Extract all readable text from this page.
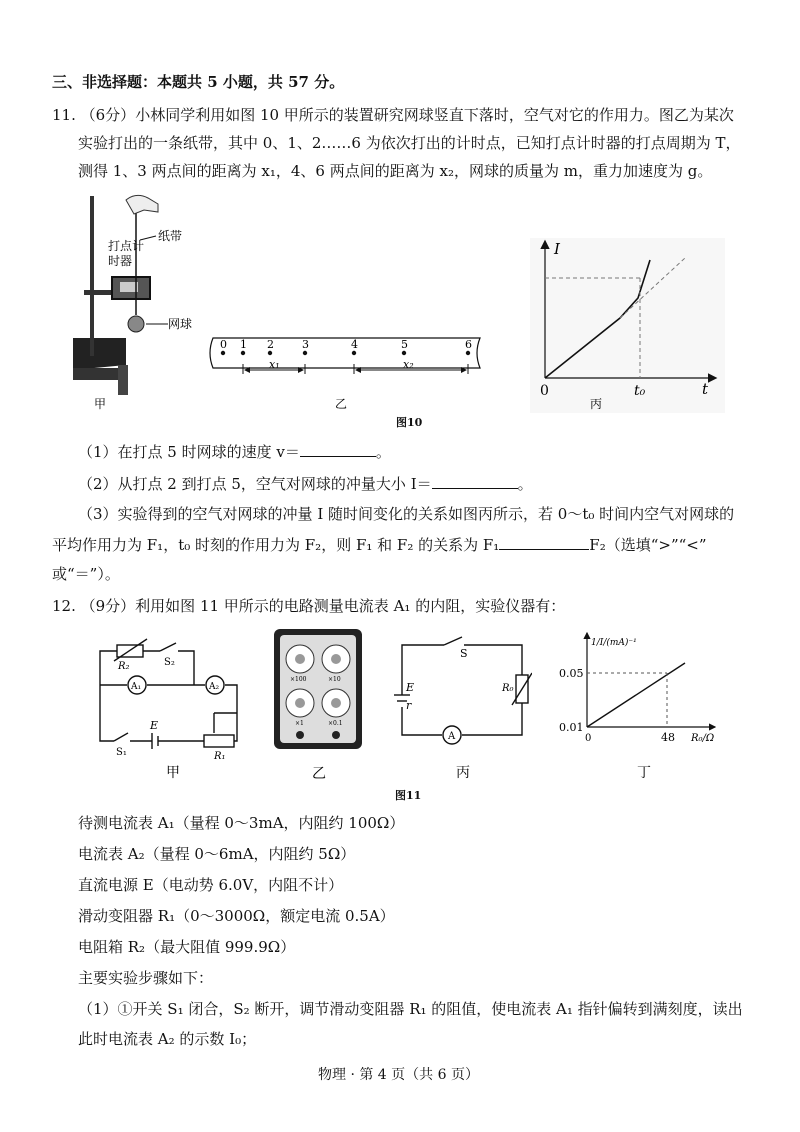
三、非选择题：本题共 5 小题，共 57 分。
11. （6分）小林同学利用如图 10 甲所示的装置研究网球竖直下落时，空气对它的作用力。图乙为某次
实验打出的一条纸带，其中 0、1、2……6 为依次打出的计时点，已知打点计时器的打点周期为 T，
测得 1、3 两点间的距离为 x₁，4、6 两点间的距离为 x₂，网球的质量为 m，重力加速度为 g。
打点计
时器
纸带
网球
甲
0 1 2	3	4	5	6
x₁	x₂
乙
I
t
0	t₀
丙
图10
（1）在打点 5 时网球的速度 v＝	。
（2）从打点 2 到打点 5，空气对网球的冲量大小 I＝	。
（3）实验得到的空气对网球的冲量 I 随时间变化的关系如图丙所示，若 0～t₀ 时间内空气对网球的
平均作用力为 F₁，t₀ 时刻的作用力为 F₂，则 F₁ 和 F₂ 的关系为 F₁	F₂（选填“>”“<”
或“＝”）。
12. （9分）利用如图 11 甲所示的电路测量电流表 A₁ 的内阻，实验仪器有：
A₁	A₂
R₂	S₂
S₁
E
R₁
甲
×100	×10
×1	×0.1
乙
A
S
E
r
R₀
丙
1/I/(mA)⁻¹
0.05
0.01
0	48 R₀/Ω
丁
图11
待测电流表 A₁（量程 0～3mA，内阻约 100Ω）
电流表 A₂（量程 0～6mA，内阻约 5Ω）
直流电源 E（电动势 6.0V，内阻不计）
滑动变阻器 R₁（0～3000Ω，额定电流 0.5A）
电阻箱 R₂（最大阻值 999.9Ω）
主要实验步骤如下：
（1）①开关 S₁ 闭合，S₂ 断开，调节滑动变阻器 R₁ 的阻值，使电流表 A₁ 指针偏转到满刻度，读出
此时电流表 A₂ 的示数 I₀；
物理 · 第 4 页（共 6 页）
